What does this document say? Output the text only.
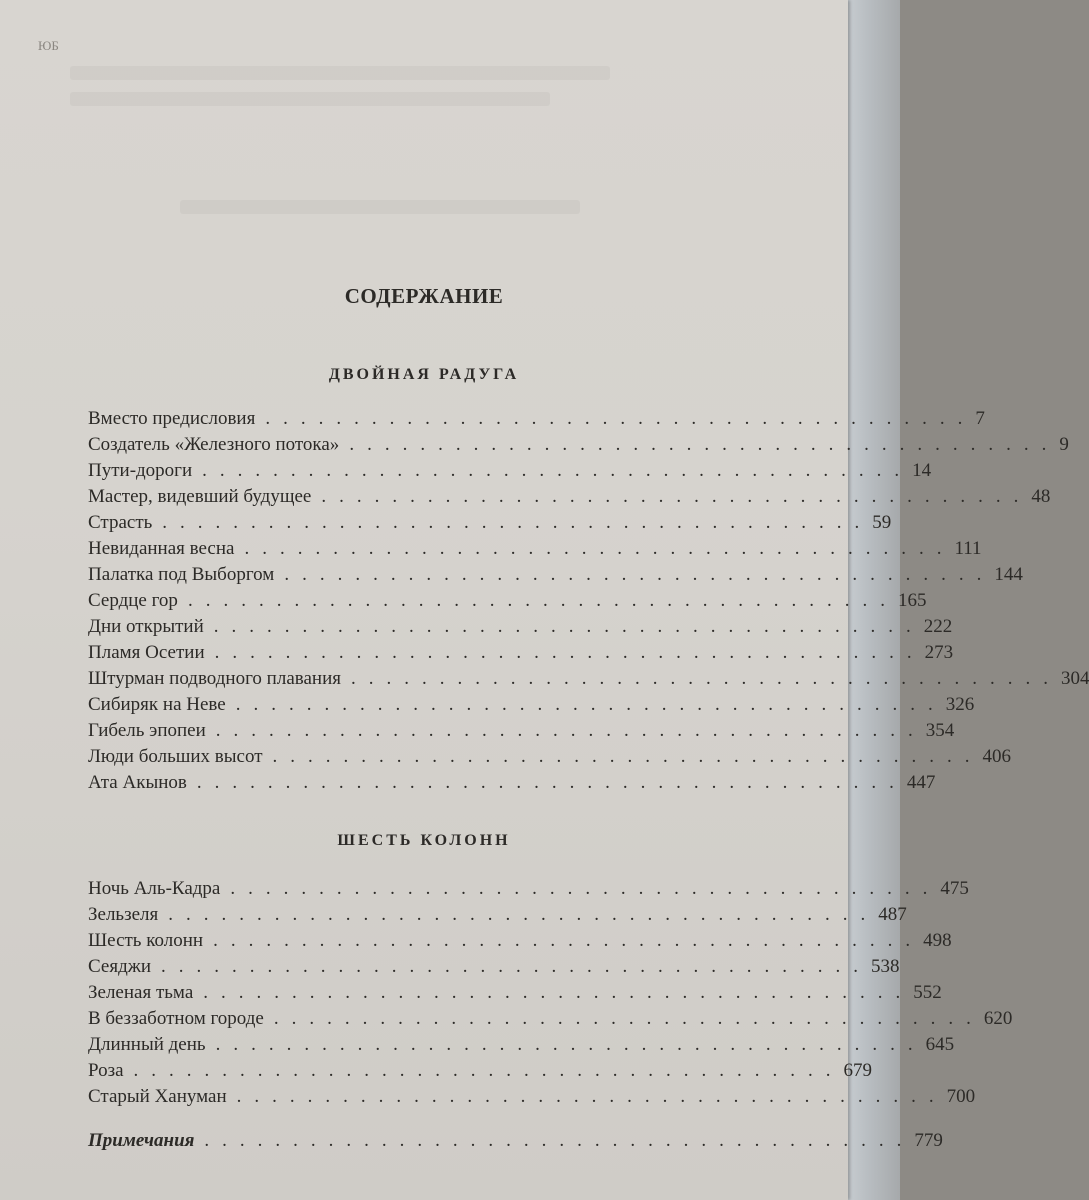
ЮБ
СОДЕРЖАНИЕ
ДВОЙНАЯ РАДУГА
Вместо предисловия ........................................ 7
Создатель «Железного потока» ........................................ 9
Пути-дороги ........................................ 14
Мастер, видевший будущее ........................................ 48
Страсть ........................................ 59
Невиданная весна ........................................ 111
Палатка под Выборгом ........................................ 144
Сердце гор ........................................ 165
Дни открытий ........................................ 222
Пламя Осетии ........................................ 273
Штурман подводного плавания ........................................ 304
Сибиряк на Неве ........................................ 326
Гибель эпопеи ........................................ 354
Люди больших высот ........................................ 406
Ата Акынов ........................................ 447
ШЕСТЬ КОЛОНН
Ночь Аль-Кадра ........................................ 475
Зельзеля ........................................ 487
Шесть колонн ........................................ 498
Сеяджи ........................................ 538
Зеленая тьма ........................................ 552
В беззаботном городе ........................................ 620
Длинный день ........................................ 645
Роза ........................................ 679
Старый Хануман ........................................ 700
Примечания ........................................ 779
